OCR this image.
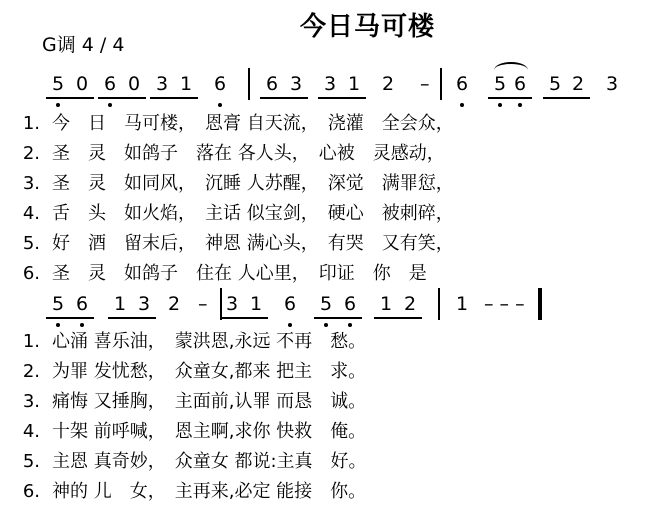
今日马可楼
G调 4 / 4
5 0 6 0 3 1	6	6 3	3 1	2	6	5 6	5 2	3
–
5 6	1 3 2	3 1	6	5 6	1 2	1
–	– – –
1. 今　日　马可楼，　恩膏 自天流，　浇灌　全会众，
2. 圣　灵　如鸽子　落在 各人头，　心被　灵感动，
3. 圣　灵　如同风，　沉睡 人苏醒，　深觉　满罪愆，
4. 舌　头　如火焰，　主话 似宝剑，　硬心　被刺碎，
5. 好　酒　留末后，　神恩 满心头，　有哭　又有笑，
6. 圣　灵　如鸽子　住在 人心里，　印证　你　是
1. 心涌 喜乐油，　蒙洪恩,永远 不再　愁。
2. 为罪 发忧愁，　众童女,都来 把主　求。
3. 痛悔 又捶胸，　主面前,认罪 而恳　诚。
4. 十架 前呼喊，　恩主啊,求你 快救　俺。
5. 主恩 真奇妙，　众童女 都说:主真　好。
6. 神的 儿　女，　主再来,必定 能接　你。
